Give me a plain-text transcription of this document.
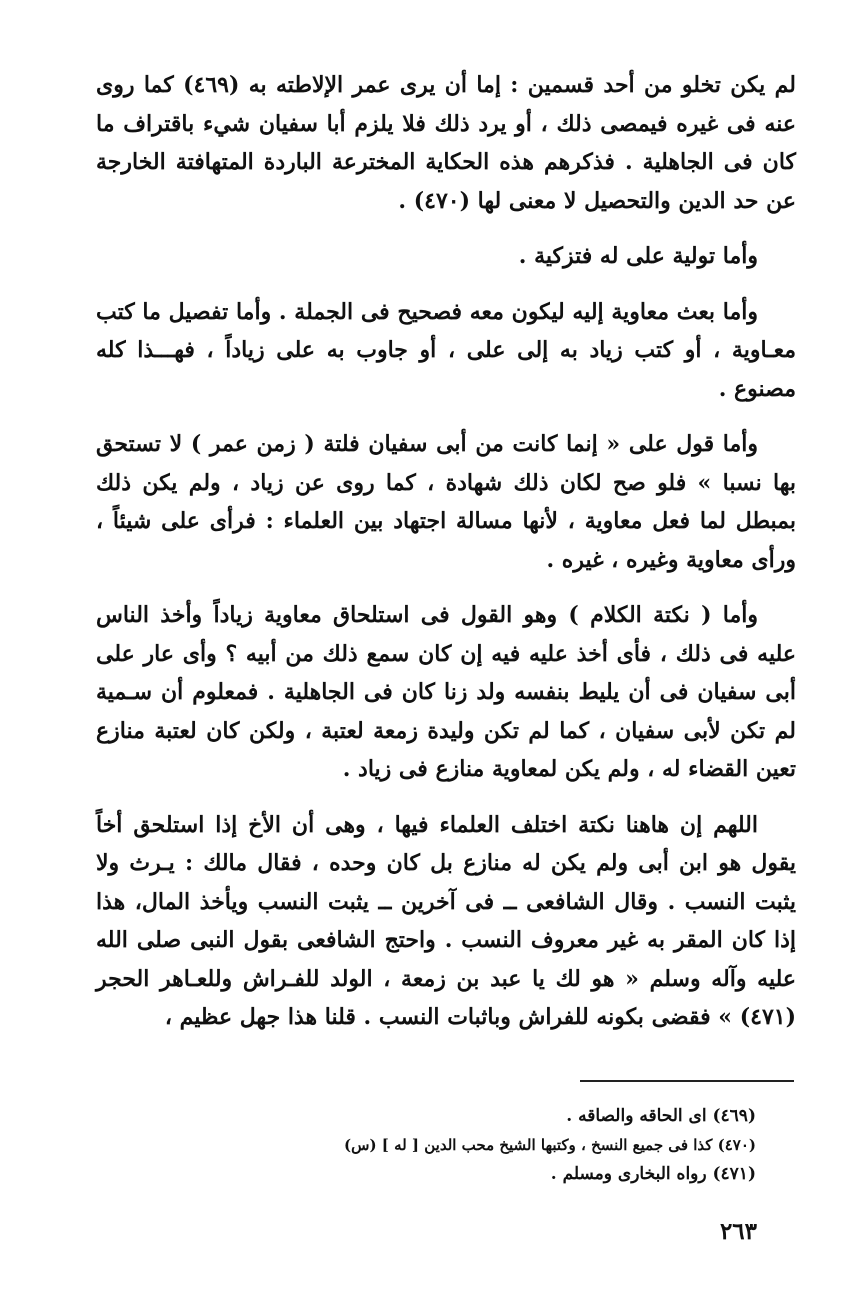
لم يكن تخلو من أحد قسمين : إما أن يرى عمر الإلاطته به (٤٦٩) كما روى عنه فى غيره فيمصى ذلك ، أو يرد ذلك فلا يلزم أبا سفيان شيء باقتراف ما كان فى الجاهلية . فذكرهم هذه الحكاية المخترعة الباردة المتهافتة الخارجة عن حد الدين والتحصيل لا معنى لها (٤٧٠) .

وأما تولية على له فتزكية .

وأما بعث معاوية إليه ليكون معه فصحيح فى الجملة . وأما تفصيل ما كتب معـاوية ، أو كتب زياد به إلى على ، أو جاوب به على زياداً ، فهـــذا كله مصنوع .

وأما قول على « إنما كانت من أبى سفيان فلتة ( زمن عمر ) لا تستحق بها نسبا » فلو صح لكان ذلك شهادة ، كما روى عن زياد ، ولم يكن ذلك بمبطل لما فعل معاوية ، لأنها مسالة اجتهاد بين العلماء : فرأى على شيئاً ، ورأى معاوية وغيره ، غيره .

وأما ( نكتة الكلام ) وهو القول فى استلحاق معاوية زياداً وأخذ الناس عليه فى ذلك ، فأى أخذ عليه فيه إن كان سمع ذلك من أبيه ؟ وأى عار على أبى سفيان فى أن يليط بنفسه ولد زنا كان فى الجاهلية . فمعلوم أن سـمية لم تكن لأبى سفيان ، كما لم تكن وليدة زمعة لعتبة ، ولكن كان لعتبة منازع تعين القضاء له ، ولم يكن لمعاوية منازع فى زياد .

اللهم إن هاهنا نكتة اختلف العلماء فيها ، وهى أن الأخ إذا استلحق أخاً يقول هو ابن أبى ولم يكن له منازع بل كان وحده ، فقال مالك : يـرث ولا يثبت النسب . وقال الشافعى ــ فى آخرين ــ يثبت النسب ويأخذ المال، هذا إذا كان المقر به غير معروف النسب . واحتج الشافعى بقول النبى صلى الله عليه وآله وسلم « هو لك يا عبد بن زمعة ، الولد للفـراش وللعـاهر الحجر (٤٧١) » فقضى بكونه للفراش وباثبات النسب . قلنا هذا جهل عظيم ،

(٤٦٩) اى الحاقه والصاقه .

(٤٧٠) كذا فى جميع النسخ ، وكتبها الشيخ محب الدين [ له ] (س)

(٤٧١) رواه البخارى ومسلم .

٢٦٣
